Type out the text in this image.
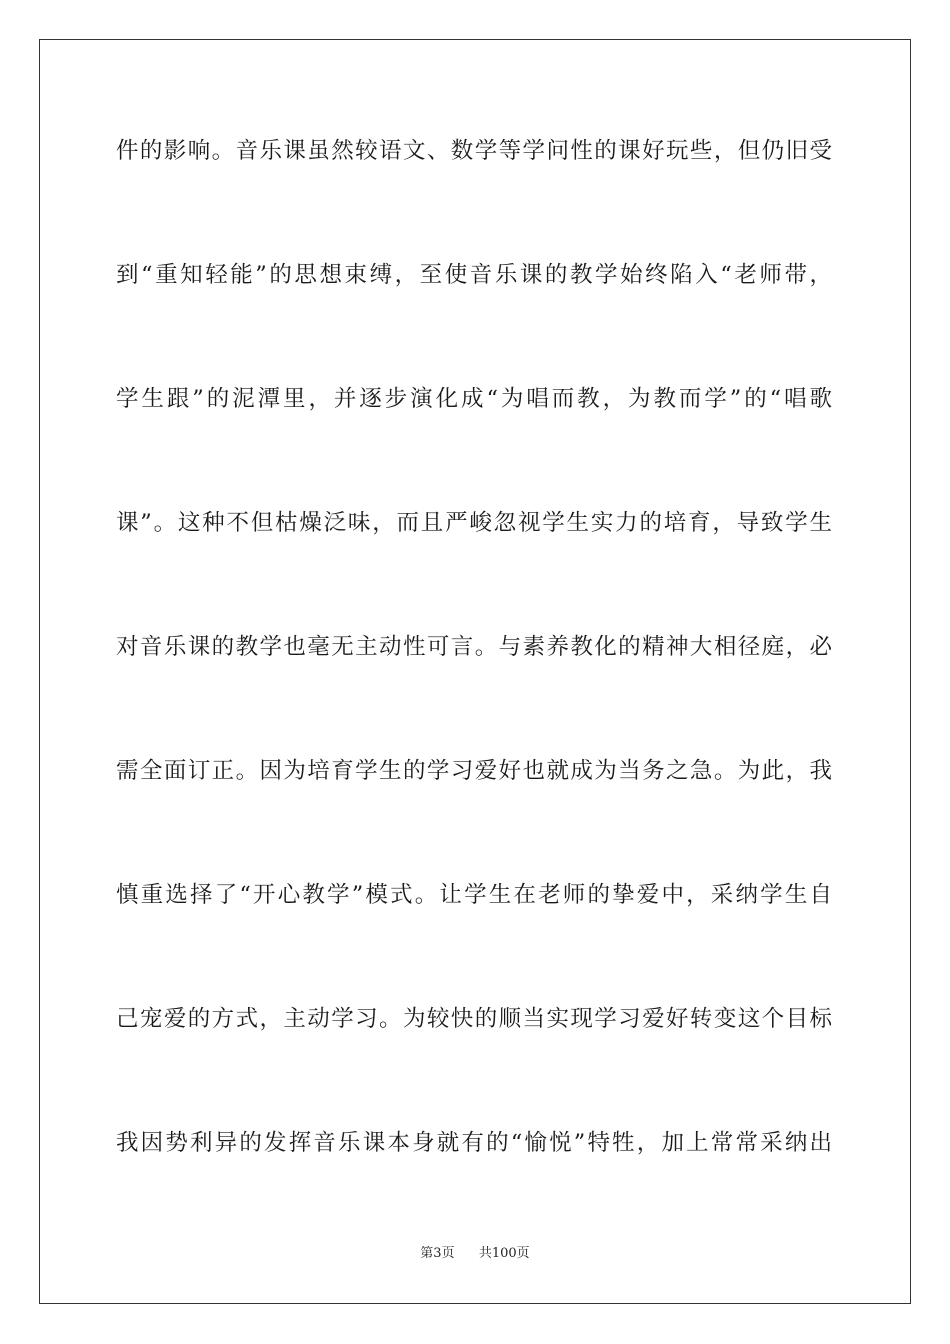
件的影响。音乐课虽然较语文、数学等学问性的课好玩些，但仍旧受
到“重知轻能”的思想束缚，至使音乐课的教学始终陷入“老师带，
学生跟”的泥潭里，并逐步演化成“为唱而教，为教而学”的“唱歌
课”。这种不但枯燥泛味，而且严峻忽视学生实力的培育，导致学生
对音乐课的教学也毫无主动性可言。与素养教化的精神大相径庭，必
需全面订正。因为培育学生的学习爱好也就成为当务之急。为此，我
慎重选择了“开心教学”模式。让学生在老师的挚爱中，采纳学生自
己宠爱的方式，主动学习。为较快的顺当实现学习爱好转变这个目标
我因势利异的发挥音乐课本身就有的“愉悦”特牲，加上常常采纳出
第3页 共100页
